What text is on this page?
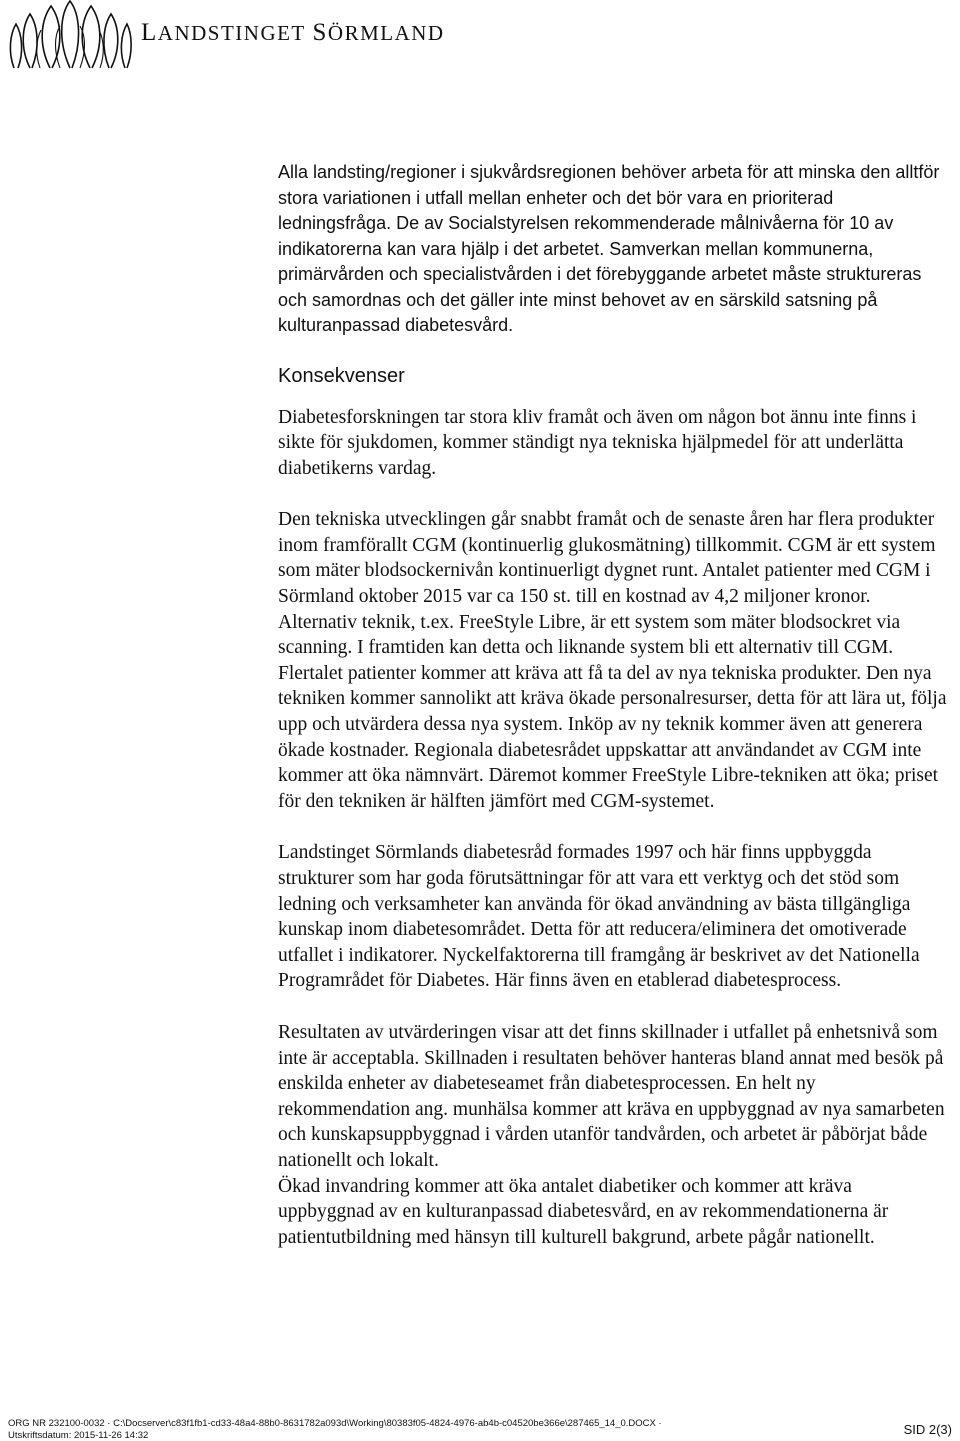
LANDSTINGET SÖRMLAND

Alla landsting/regioner i sjukvårdsregionen behöver arbeta för att minska den alltför stora variationen i utfall mellan enheter och det bör vara en prioriterad ledningsfråga. De av Socialstyrelsen rekommenderade målnivåerna för 10 av indikatorerna kan vara hjälp i det arbetet. Samverkan mellan kommunerna, primärvården och specialistvården i det förebyggande arbetet måste struktureras och samordnas och det gäller inte minst behovet av en särskild satsning på kulturanpassad diabetesvård.

Konsekvenser

Diabetesforskningen tar stora kliv framåt och även om någon bot ännu inte finns i sikte för sjukdomen, kommer ständigt nya tekniska hjälpmedel för att underlätta diabetikerns vardag.

Den tekniska utvecklingen går snabbt framåt och de senaste åren har flera produkter inom framförallt CGM (kontinuerlig glukosmätning) tillkommit. CGM är ett system som mäter blodsockernivån kontinuerligt dygnet runt. Antalet patienter med CGM i Sörmland oktober 2015 var ca 150 st. till en kostnad av 4,2 miljoner kronor. Alternativ teknik, t.ex. FreeStyle Libre, är ett system som mäter blodsockret via scanning. I framtiden kan detta och liknande system bli ett alternativ till CGM. Flertalet patienter kommer att kräva att få ta del av nya tekniska produkter. Den nya tekniken kommer sannolikt att kräva ökade personalresurser, detta för att lära ut, följa upp och utvärdera dessa nya system. Inköp av ny teknik kommer även att generera ökade kostnader. Regionala diabetesrådet uppskattar att användandet av CGM inte kommer att öka nämnvärt. Däremot kommer FreeStyle Libre-tekniken att öka; priset för den tekniken är hälften jämfört med CGM-systemet.

Landstinget Sörmlands diabetesråd formades 1997 och här finns uppbyggda strukturer som har goda förutsättningar för att vara ett verktyg och det stöd som ledning och verksamheter kan använda för ökad användning av bästa tillgängliga kunskap inom diabetesområdet. Detta för att reducera/eliminera det omotiverade utfallet i indikatorer. Nyckelfaktorerna till framgång är beskrivet av det Nationella Programrådet för Diabetes. Här finns även en etablerad diabetesprocess.

Resultaten av utvärderingen visar att det finns skillnader i utfallet på enhetsnivå som inte är acceptabla. Skillnaden i resultaten behöver hanteras bland annat med besök på enskilda enheter av diabeteseamet från diabetesprocessen. En helt ny rekommendation ang. munhälsa kommer att kräva en uppbyggnad av nya samarbeten och kunskapsuppbyggnad i vården utanför tandvården, och arbetet är påbörjat både nationellt och lokalt.

Ökad invandring kommer att öka antalet diabetiker och kommer att kräva uppbyggnad av en kulturanpassad diabetesvård, en av rekommendationerna är patientutbildning med hänsyn till kulturell bakgrund, arbete pågår nationellt.

ORG NR 232100-0032 · C:\Docserver\c83f1fb1-cd33-48a4-88b0-8631782a093d\Working\80383f05-4824-4976-ab4b-c04520be366e\287465_14_0.DOCX ·
Utskriftsdatum: 2015-11-26 14:32	SID 2(3)
